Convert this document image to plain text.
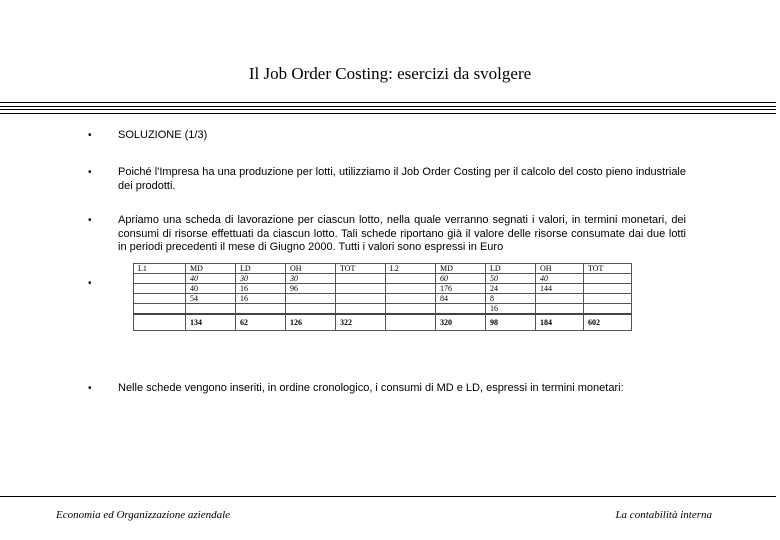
Il Job Order Costing: esercizi da svolgere
• SOLUZIONE (1/3)
• Poiché l'Impresa ha una produzione per lotti, utilizziamo il Job Order Costing per il calcolo del costo pieno industriale dei prodotti.
• Apriamo una scheda di lavorazione per ciascun lotto, nella quale verranno segnati i valori, in termini monetari, dei consumi di risorse effettuati da ciascun lotto. Tali schede riportano già il valore delle risorse consumate dai due lotti in periodi precedenti il mese di Giugno 2000. Tutti i valori sono espressi in Euro
•
L1	MD	LD	OH	TOT	L2	MD	LD	OH	TOT
	40	30	30			60	50	40	
	40	16	96			176	24	144	
	54	16				84	8		
							16		
	134	62	126	322		320	98	184	602
• Nelle schede vengono inseriti, in ordine cronologico, i consumi di MD e LD, espressi in termini monetari:
Economia ed Organizzazione aziendale	La contabilità interna
